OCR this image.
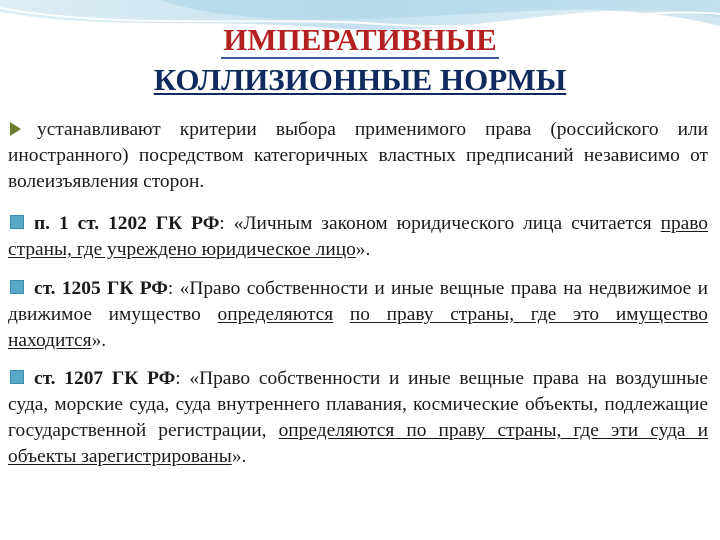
ИМПЕРАТИВНЫЕ
КОЛЛИЗИОННЫЕ НОРМЫ

устанавливают критерии выбора применимого права (российского или иностранного) посредством категоричных властных предписаний независимо от волеизъявления сторон.

п. 1 ст. 1202 ГК РФ: «Личным законом юридического лица считается право страны, где учреждено юридическое лицо».

ст. 1205 ГК РФ: «Право собственности и иные вещные права на недвижимое и движимое имущество определяются по праву страны, где это имущество находится».

ст. 1207 ГК РФ: «Право собственности и иные вещные права на воздушные суда, морские суда, суда внутреннего плавания, космические объекты, подлежащие государственной регистрации, определяются по праву страны, где эти суда и объекты зарегистрированы».
